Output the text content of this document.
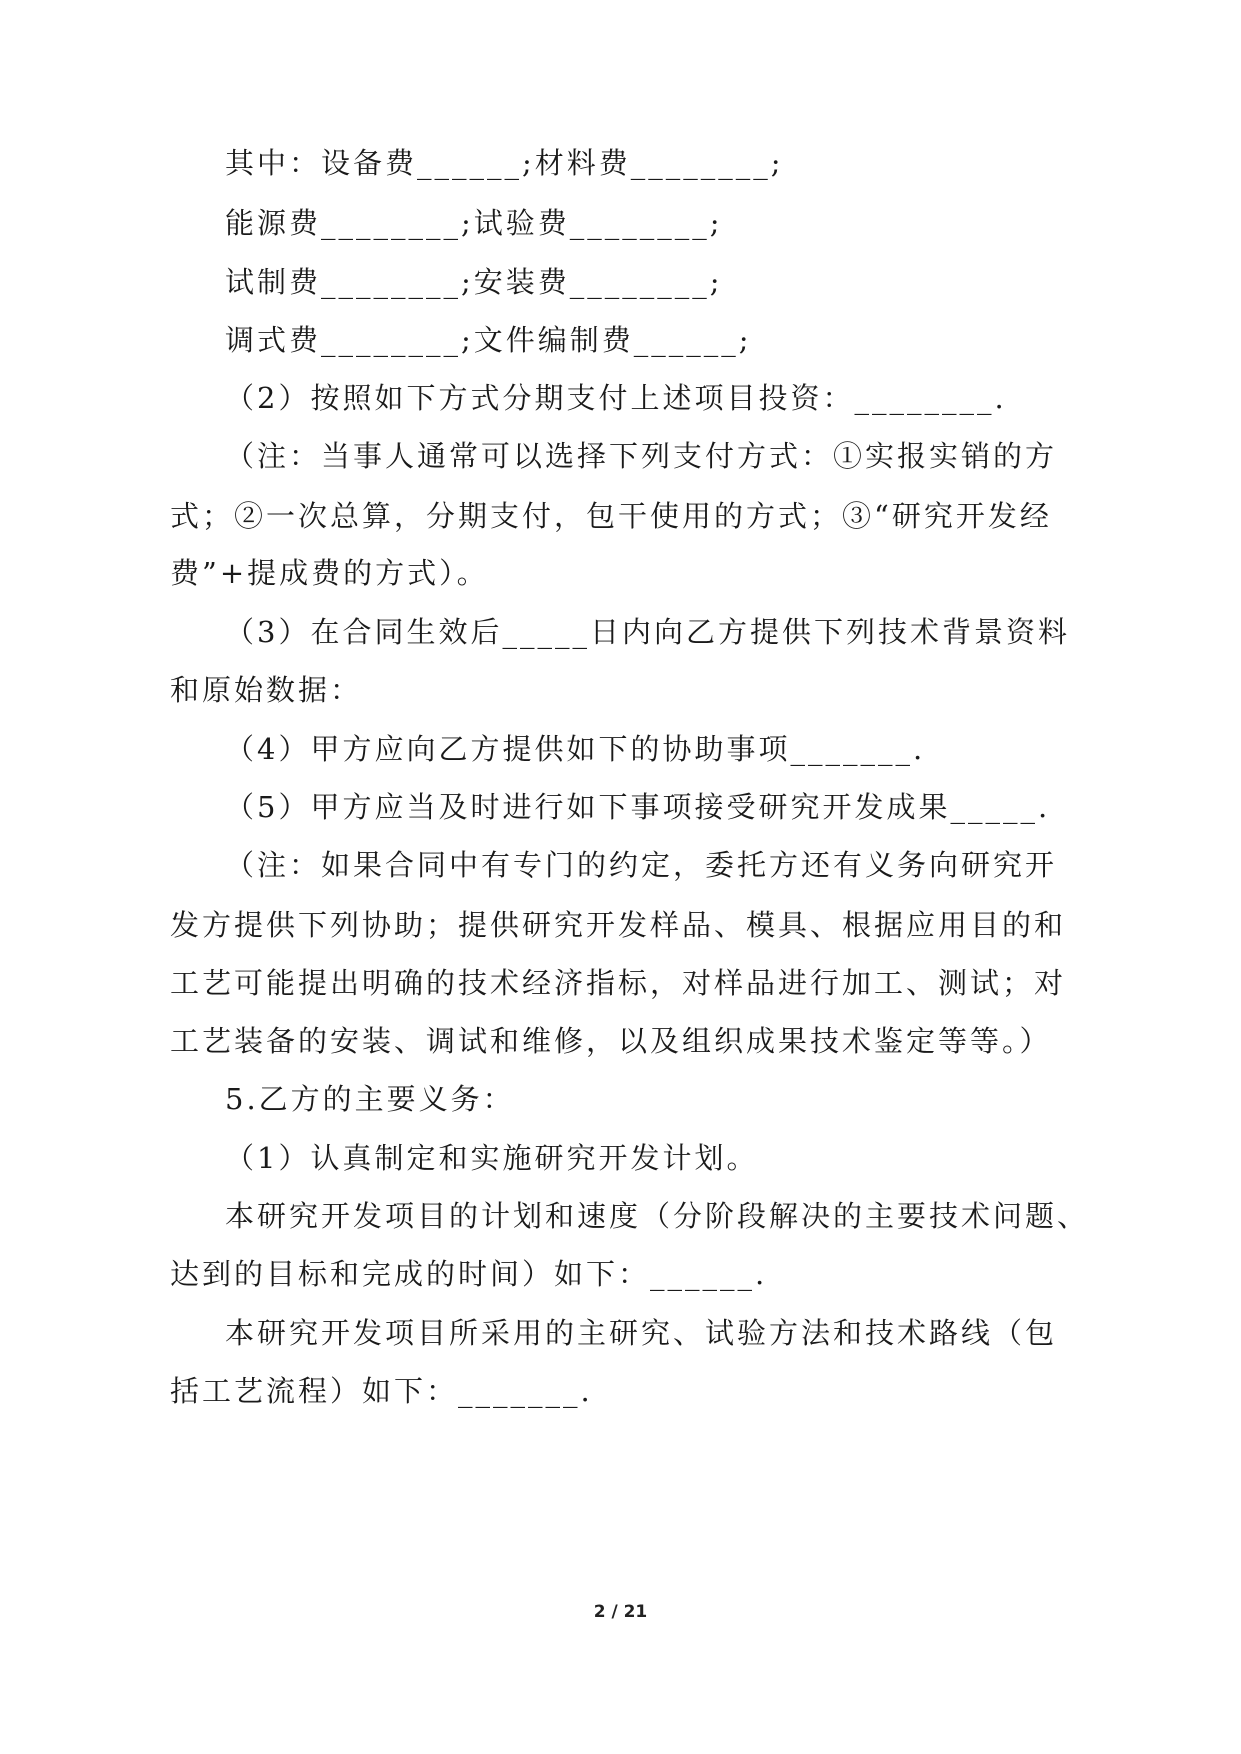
其中：设备费______;材料费________;
能源费________;试验费________;
试制费________;安装费________;
调式费________;文件编制费______;
（2）按照如下方式分期支付上述项目投资：________.
（注：当事人通常可以选择下列支付方式：①实报实销的方
式；②一次总算，分期支付，包干使用的方式；③“研究开发经
费”+提成费的方式）。
（3）在合同生效后_____日内向乙方提供下列技术背景资料
和原始数据：
（4）甲方应向乙方提供如下的协助事项_______.
（5）甲方应当及时进行如下事项接受研究开发成果_____.
（注：如果合同中有专门的约定，委托方还有义务向研究开
发方提供下列协助；提供研究开发样品、模具、根据应用目的和
工艺可能提出明确的技术经济指标，对样品进行加工、测试；对
工艺装备的安装、调试和维修，以及组织成果技术鉴定等等。）
5.乙方的主要义务：
（1）认真制定和实施研究开发计划。
本研究开发项目的计划和速度（分阶段解决的主要技术问题、
达到的目标和完成的时间）如下：______.
本研究开发项目所采用的主研究、试验方法和技术路线（包
括工艺流程）如下：_______.
2 / 21
